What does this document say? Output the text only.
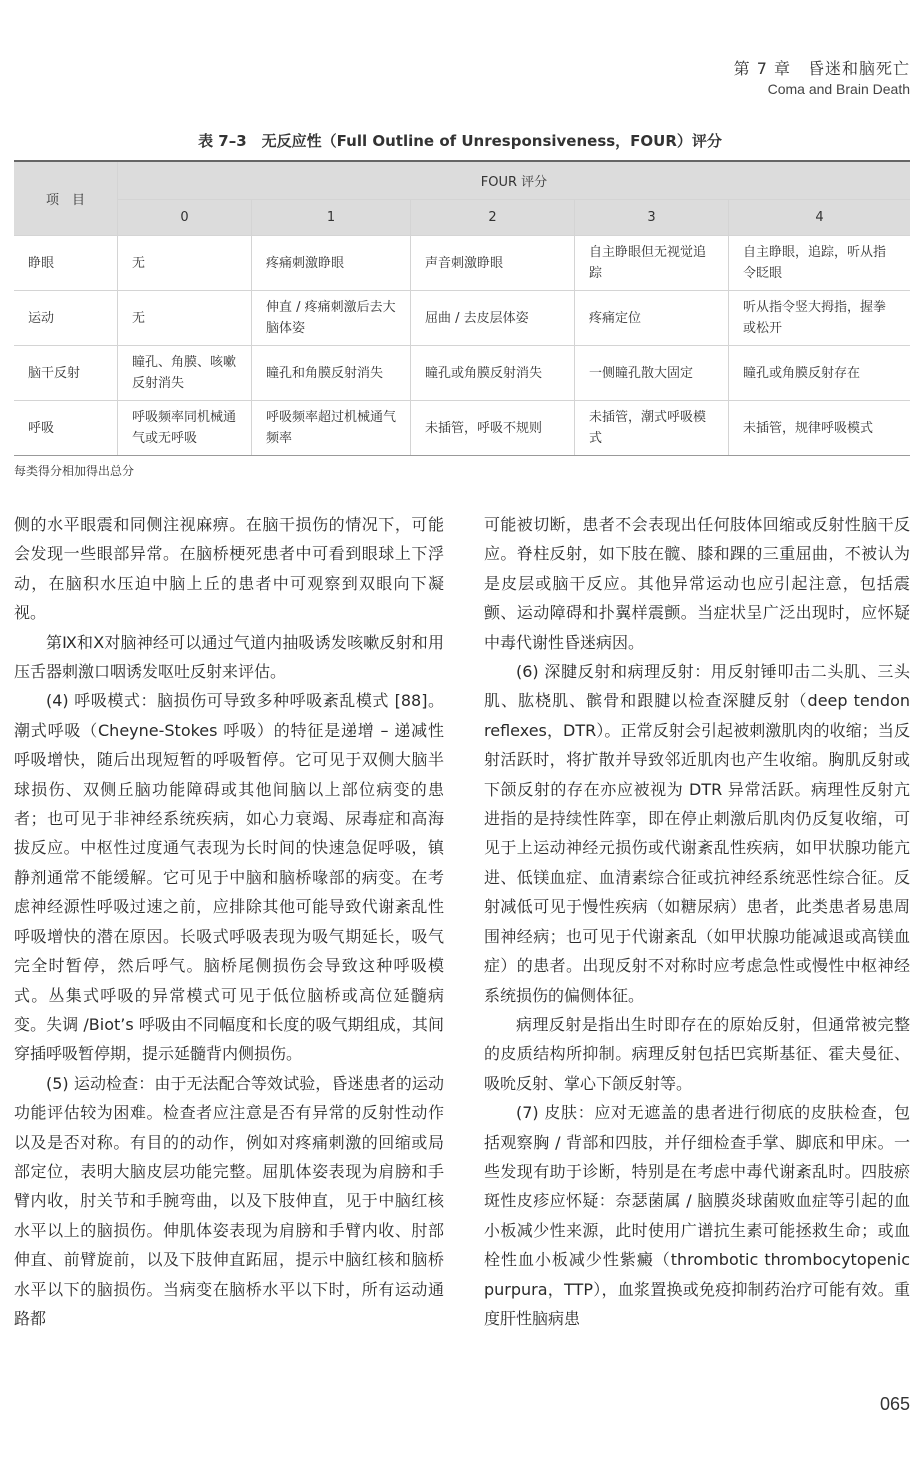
第 7 章　昏迷和脑死亡
Coma and Brain Death
表 7–3　无反应性（Full Outline of Unresponsiveness，FOUR）评分
项　目	FOUR 评分				
	0	1	2	3	4
睁眼	无	疼痛刺激睁眼	声音刺激睁眼	自主睁眼但无视觉追踪	自主睁眼，追踪，听从指令眨眼
运动	无	伸直 / 疼痛刺激后去大脑体姿	屈曲 / 去皮层体姿	疼痛定位	听从指令竖大拇指，握拳或松开
脑干反射	瞳孔、角膜、咳嗽反射消失	瞳孔和角膜反射消失	瞳孔或角膜反射消失	一侧瞳孔散大固定	瞳孔或角膜反射存在
呼吸	呼吸频率同机械通气或无呼吸	呼吸频率超过机械通气频率	未插管，呼吸不规则	未插管，潮式呼吸模式	未插管，规律呼吸模式
每类得分相加得出总分

侧的水平眼震和同侧注视麻痹。在脑干损伤的情况下，可能会发现一些眼部异常。在脑桥梗死患者中可看到眼球上下浮动，在脑积水压迫中脑上丘的患者中可观察到双眼向下凝视。

第Ⅸ和Ⅹ对脑神经可以通过气道内抽吸诱发咳嗽反射和用压舌器刺激口咽诱发呕吐反射来评估。

(4) 呼吸模式：脑损伤可导致多种呼吸紊乱模式 [88]。潮式呼吸（Cheyne-Stokes 呼吸）的特征是递增 – 递减性呼吸增快，随后出现短暂的呼吸暂停。它可见于双侧大脑半球损伤、双侧丘脑功能障碍或其他间脑以上部位病变的患者；也可见于非神经系统疾病，如心力衰竭、尿毒症和高海拔反应。中枢性过度通气表现为长时间的快速急促呼吸，镇静剂通常不能缓解。它可见于中脑和脑桥喙部的病变。在考虑神经源性呼吸过速之前，应排除其他可能导致代谢紊乱性呼吸增快的潜在原因。长吸式呼吸表现为吸气期延长，吸气完全时暂停，然后呼气。脑桥尾侧损伤会导致这种呼吸模式。丛集式呼吸的异常模式可见于低位脑桥或高位延髓病变。失调 /Biot’s 呼吸由不同幅度和长度的吸气期组成，其间穿插呼吸暂停期，提示延髓背内侧损伤。

(5) 运动检查：由于无法配合等效试验，昏迷患者的运动功能评估较为困难。检查者应注意是否有异常的反射性动作以及是否对称。有目的的动作，例如对疼痛刺激的回缩或局部定位，表明大脑皮层功能完整。屈肌体姿表现为肩膀和手臂内收，肘关节和手腕弯曲，以及下肢伸直，见于中脑红核水平以上的脑损伤。伸肌体姿表现为肩膀和手臂内收、肘部伸直、前臂旋前，以及下肢伸直跖屈，提示中脑红核和脑桥水平以下的脑损伤。当病变在脑桥水平以下时，所有运动通路都

可能被切断，患者不会表现出任何肢体回缩或反射性脑干反应。脊柱反射，如下肢在髋、膝和踝的三重屈曲，不被认为是皮层或脑干反应。其他异常运动也应引起注意，包括震颤、运动障碍和扑翼样震颤。当症状呈广泛出现时，应怀疑中毒代谢性昏迷病因。

(6) 深腱反射和病理反射：用反射锤叩击二头肌、三头肌、肱桡肌、髌骨和跟腱以检查深腱反射（deep tendon reflexes，DTR）。正常反射会引起被刺激肌肉的收缩；当反射活跃时，将扩散并导致邻近肌肉也产生收缩。胸肌反射或下颌反射的存在亦应被视为 DTR 异常活跃。病理性反射亢进指的是持续性阵挛，即在停止刺激后肌肉仍反复收缩，可见于上运动神经元损伤或代谢紊乱性疾病，如甲状腺功能亢进、低镁血症、血清素综合征或抗神经系统恶性综合征。反射减低可见于慢性疾病（如糖尿病）患者，此类患者易患周围神经病；也可见于代谢紊乱（如甲状腺功能减退或高镁血症）的患者。出现反射不对称时应考虑急性或慢性中枢神经系统损伤的偏侧体征。

病理反射是指出生时即存在的原始反射，但通常被完整的皮质结构所抑制。病理反射包括巴宾斯基征、霍夫曼征、吸吮反射、掌心下颌反射等。

(7) 皮肤：应对无遮盖的患者进行彻底的皮肤检查，包括观察胸 / 背部和四肢，并仔细检查手掌、脚底和甲床。一些发现有助于诊断，特别是在考虑中毒代谢紊乱时。四肢瘀斑性皮疹应怀疑：奈瑟菌属 / 脑膜炎球菌败血症等引起的血小板减少性来源，此时使用广谱抗生素可能拯救生命；或血栓性血小板减少性紫癜（thrombotic thrombocytopenic purpura，TTP），血浆置换或免疫抑制药治疗可能有效。重度肝性脑病患

065
